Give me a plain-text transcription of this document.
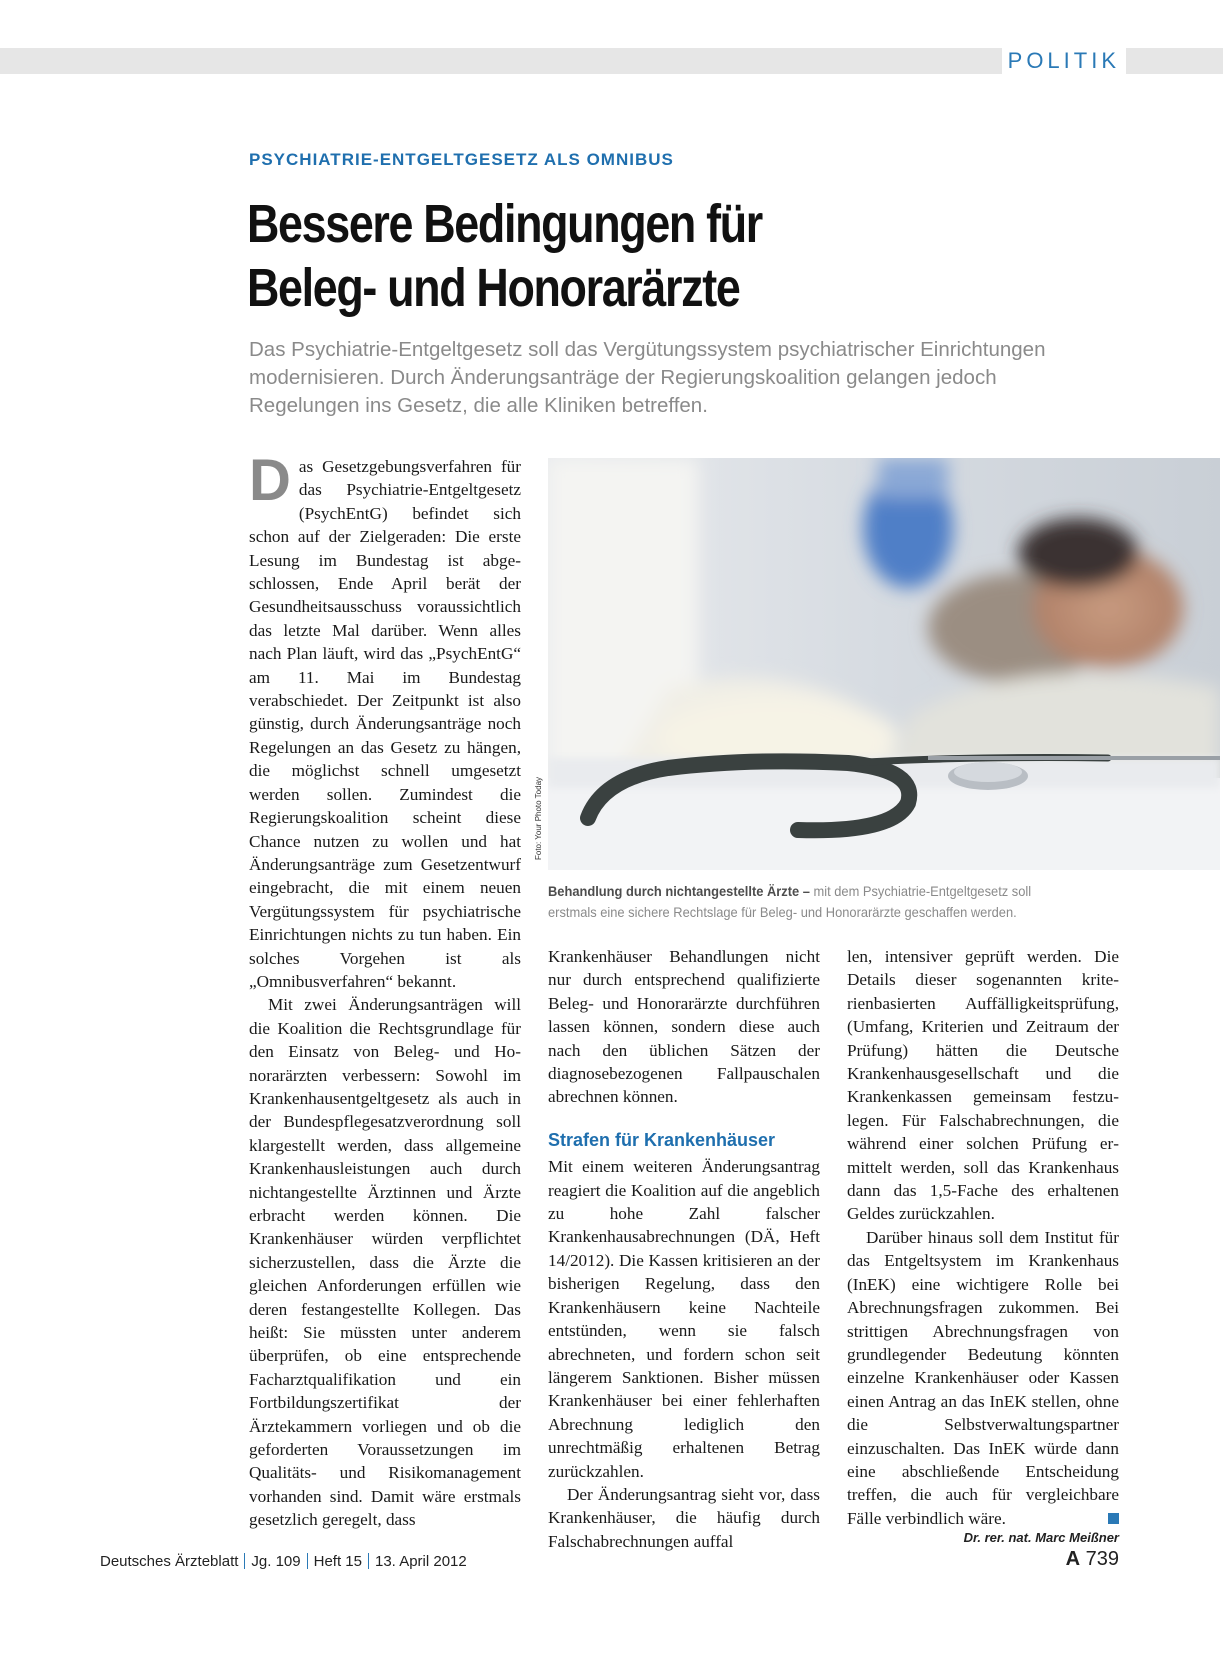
POLITIK
PSYCHIATRIE-ENTGELTGESETZ ALS OMNIBUS
Bessere Bedingungen für
Beleg- und Honorarärzte

Das Psychiatrie-Entgeltgesetz soll das Vergütungssystem psychiatrischer Einrichtungen modernisieren. Durch Änderungsanträge der Regierungskoalition gelangen jedoch Regelungen ins Gesetz, die alle Kliniken betreffen.

Das Gesetzgebungsverfahren für das Psychiatrie-Entgeltgesetz (PsychEntG) befindet sich schon auf der Zielgeraden: Die erste Lesung im Bundestag ist abgeschlossen, Ende April berät der Gesundheitsausschuss voraussichtlich das letzte Mal darüber. Wenn alles nach Plan läuft, wird das „PsychEntG“ am 11. Mai im Bundestag verabschiedet. Der Zeitpunkt ist also günstig, durch Änderungsanträge noch Regelungen an das Gesetz zu hängen, die möglichst schnell umgesetzt werden sollen. Zumindest die Regierungskoalition scheint diese Chance nutzen zu wollen und hat Änderungsanträge zum Gesetzentwurf eingebracht, die mit einem neuen Vergütungssystem für psychiatrische Einrichtungen nichts zu tun haben. Ein solches Vorgehen ist als „Omnibusverfahren“ bekannt.

Mit zwei Änderungsanträgen will die Koalition die Rechtsgrundlage für den Einsatz von Beleg- und Honorarärzten verbessern: Sowohl im Krankenhausentgeltgesetz als auch in der Bundespflegesatzverordnung soll klargestellt werden, dass allgemeine Krankenhausleistungen auch durch nichtangestellte Ärztinnen und Ärzte erbracht werden können. Die Krankenhäuser würden verpflichtet sicherzustellen, dass die Ärzte die gleichen Anforderungen erfüllen wie deren festangestellte Kollegen. Das heißt: Sie müssten unter anderem überprüfen, ob eine entsprechende Facharztqualifikation und ein Fortbildungszertifikat der Ärztekammern vorliegen und ob die geforderten Voraussetzungen im Qualitäts- und Risikomanagement vorhanden sind. Damit wäre erstmals gesetzlich geregelt, dass

Foto: Your Photo Today

Behandlung durch nichtangestellte Ärzte – mit dem Psychiatrie-Entgeltgesetz soll erstmals eine sichere Rechtslage für Beleg- und Honorarärzte geschaffen werden.

Krankenhäuser Behandlungen nicht nur durch entsprechend qualifizierte Beleg- und Honorarärzte durchführen lassen können, sondern diese auch nach den üblichen Sätzen der diagnosebezogenen Fallpauschalen abrechnen können.

Strafen für Krankenhäuser

Mit einem weiteren Änderungsantrag reagiert die Koalition auf die angeblich zu hohe Zahl falscher Krankenhausabrechnungen (DÄ, Heft 14/2012). Die Kassen kritisieren an der bisherigen Regelung, dass den Krankenhäusern keine Nachteile entstünden, wenn sie falsch abrechneten, und fordern schon seit längerem Sanktionen. Bisher müssen Krankenhäuser bei einer fehlerhaften Abrechnung lediglich den unrechtmäßig erhaltenen Betrag zurückzahlen.

Der Änderungsantrag sieht vor, dass Krankenhäuser, die häufig durch Falschabrechnungen auffal

len, intensiver geprüft werden. Die Details dieser sogenannten kriterienbasierten Auffälligkeitsprüfung, (Umfang, Kriterien und Zeitraum der Prüfung) hätten die Deutsche Krankenhausgesellschaft und die Krankenkassen gemeinsam festzulegen. Für Falschabrechnungen, die während einer solchen Prüfung ermittelt werden, soll das Krankenhaus dann das 1,5-Fache des erhaltenen Geldes zurückzahlen.

Darüber hinaus soll dem Institut für das Entgeltsystem im Krankenhaus (InEK) eine wichtigere Rolle bei Abrechnungsfragen zukommen. Bei strittigen Abrechnungsfragen von grundlegender Bedeutung könnten einzelne Krankenhäuser oder Kassen einen Antrag an das InEK stellen, ohne die Selbstverwaltungspartner einzuschalten. Das InEK würde dann eine abschließende Entscheidung treffen, die auch für vergleichbare Fälle verbindlich wäre.

Dr. rer. nat. Marc Meißner
Deutsches Ärzteblatt Jg. 109 Heft 15 13. April 2012	A 739
